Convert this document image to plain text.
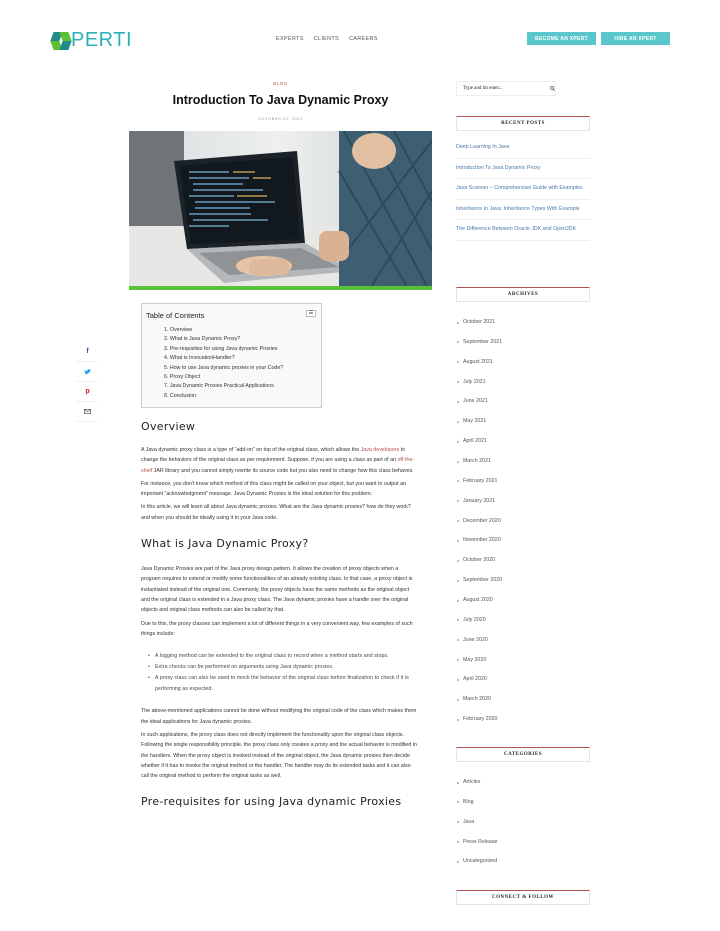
PERTI	EXPERTS CLIENTS CAREERS	BECOME AN XPERT	HIRE AN XPERT
BLOG
Introduction To Java Dynamic Proxy
OCTOBER 21, 2021
f
p
Table of Contents	☰
1. Overview
2. What is Java Dynamic Proxy?
3. Pre-requisites for using Java dynamic Proxies
4. What is InvocationHandler?
5. How to use Java dynamic proxies in your Code?
6. Proxy Object
7. Java Dynamic Proxies Practical Applications
8. Conclusion
Overview
A Java dynamic proxy class is a type of “add-on” on top of the original class, which allows the Java developers to change the behaviors of the original class as per requirement. Suppose, if you are using a class as part of an off-the-shelf JAR library and you cannot simply rewrite its source code but you also need to change how this class behaves.
For instance, you don’t know which method of this class might be called on your object, but you want to output an important “acknowledgment” message. Java Dynamic Proxies is the ideal solution for this problem.
In this article, we will learn all about Java dynamic proxies. What are the Java dynamic proxies? how do they work? and when you should be ideally using it in your Java code.
What is Java Dynamic Proxy?
Java Dynamic Proxies are part of the Java proxy design pattern. It allows the creation of proxy objects when a program requires to extend or modify some functionalities of an already existing class. In that case, a proxy object is instantiated instead of the original one. Commonly, the proxy objects have the same methods as the original object and the original class is extended in a Java proxy class. The Java dynamic proxies have a handle over the original objects and original class methods can also be called by that.
Due to this, the proxy classes can implement a lot of different things in a very convenient way, few examples of such things include:
• A logging method can be extended to the original class to record when a method starts and stops.
• Extra checks can be performed on arguments using Java dynamic proxies.
• A proxy class can also be used to mock the behavior of the original class before finalization to check if it is performing as expected.
The above-mentioned applications cannot be done without modifying the original code of the class which makes them the ideal applications for Java dynamic proxies.
In such applications, the proxy class does not directly implement the functionality upon the original class objects. Following the single responsibility principle, the proxy class only creates a proxy and the actual behavior is modified in the handlers. When the proxy object is invoked instead of the original object, the Java dynamic proxies then decide whether if it has to invoke the original method or the handler. The handler may do its extended tasks and it can also call the original method to perform the original tasks as well.
Pre-requisites for using Java dynamic Proxies
Type and hit enter...
RECENT POSTS
Deep Learning In Java
Introduction To Java Dynamic Proxy
Java Scanner – Comprehensive Guide with Examples
Inheritance In Java: Inheritance Types With Example
The Difference Between Oracle JDK and OpenJDK
ARCHIVES
October 2021
September 2021
August 2021
July 2021
June 2021
May 2021
April 2021
March 2021
February 2021
January 2021
December 2020
November 2020
October 2020
September 2020
August 2020
July 2020
June 2020
May 2020
April 2020
March 2020
February 2020
CATEGORIES
Articles
Blog
Java
Press Release
Uncategorized
CONNECT & FOLLOW
